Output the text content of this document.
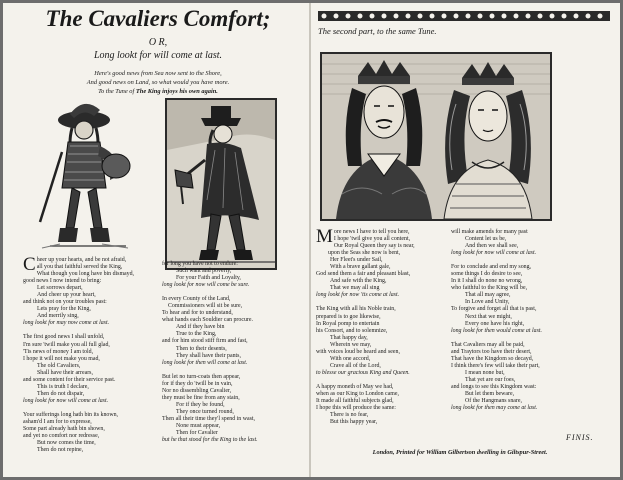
The Cavaliers Comfort;
O R,
Long lookt for will come at last.
Here's good news from Sea now sent to the Shore,
And good news on Land, so what would you have more.
To the Tune of The King injoys his own again.
C heer up your hearts, and be not afraid,
all you that faithful served the King,
What though you long have bin dismayd,
good news I now intend to bring:
Let sorrows depart,
And cheer up your heart,
and think not on your troubles past:
Lets pray for the King,
And merrily sing,
long lookt for may now come at last.
The first good news I shall unfold,
I'm sure 'twill make you all full glad,
'Tis news of money I am told,
I hope it will not make you mad,
The old Cavaliers,
Shall have their arrears,
and some content for their service past.
This is truth I declare,
Then do not dispair,
long lookt for now will come at last.
Your sufferings long hath bin its known,
asham'd I am for to expresse,
Some part already hath bin shown,
and yet no comfort nor redresse,
But now comes the time,
Then do not repine,
for long you have not to endure:
Such want and poverty,
For your Faith and Loyalty,
long lookt for now will come be sure.
In every County of the Land,
Commissioners will sit be sure,
To hear and for to understand,
what hands each Souldier can procure.
And if they have bin
True to the King,
and for him stood stiff firm and fast,
Then to their desents,
They shall have their pants,
long lookt for then will come at last.
But let no turn-coats then appear,
for if they do 'twill be in vain,
Nor no dissembling Cavalier,
they must be fine from any stain,
For if they be found,
They once turned round,
Then all their time they'l spend in wast,
None must appear,
Then for Cavalier
but he that stood for the King to the last.
The second part, to the same Tune.
M ore news I have to tell you here,
I hope 'twil give you all content,
Our Royal Queen they say is near,
upon the Seas she now is bent,
Her Fleet's under Sail,
With a brave gallant gale,
God send them a fair and pleasant blast,
And safe with the King,
That we may all sing
long lookt for now 'tis come at last.
The King with all his Noble train,
prepared is to goe likewise,
In Royal pomp to entertain
his Consort, and to solemnize,
That happy day,
Wherein we may,
with voices loud be heard and seen,
With one accord,
Crave all of the Lord,
to blesse our gracious King and Queen.
A happy moneth of May we had,
when as our King to London came,
It made all faithful subjects glad,
I hope this will produce the same:
There is no fear,
But this happy year,
will make amends for many past
Content let us be,
And then we shall see,
long lookt for now will come at last.
For to conclude and end my song,
some things I do desire to see,
In it I shall do none no wrong,
who faithful to the King will be,
That all may agree,
In Love and Unity,
To forgive and forget all that is past,
Next that we might,
Every one have his right,
long lookt for then would come at last.
That Cavaliers may all be paid,
and Traytors too have their desert,
That have the Kingdom so decayd,
I think there's few will take their part,
I mean none but,
That yet are our foes,
and longs to see this Kingdom wast:
But let them beware,
Of the Hangmans snare,
long lookt for then may come at last.
FINIS.
London, Printed for William Gilbertson dwelling in Giltspur-Street.
